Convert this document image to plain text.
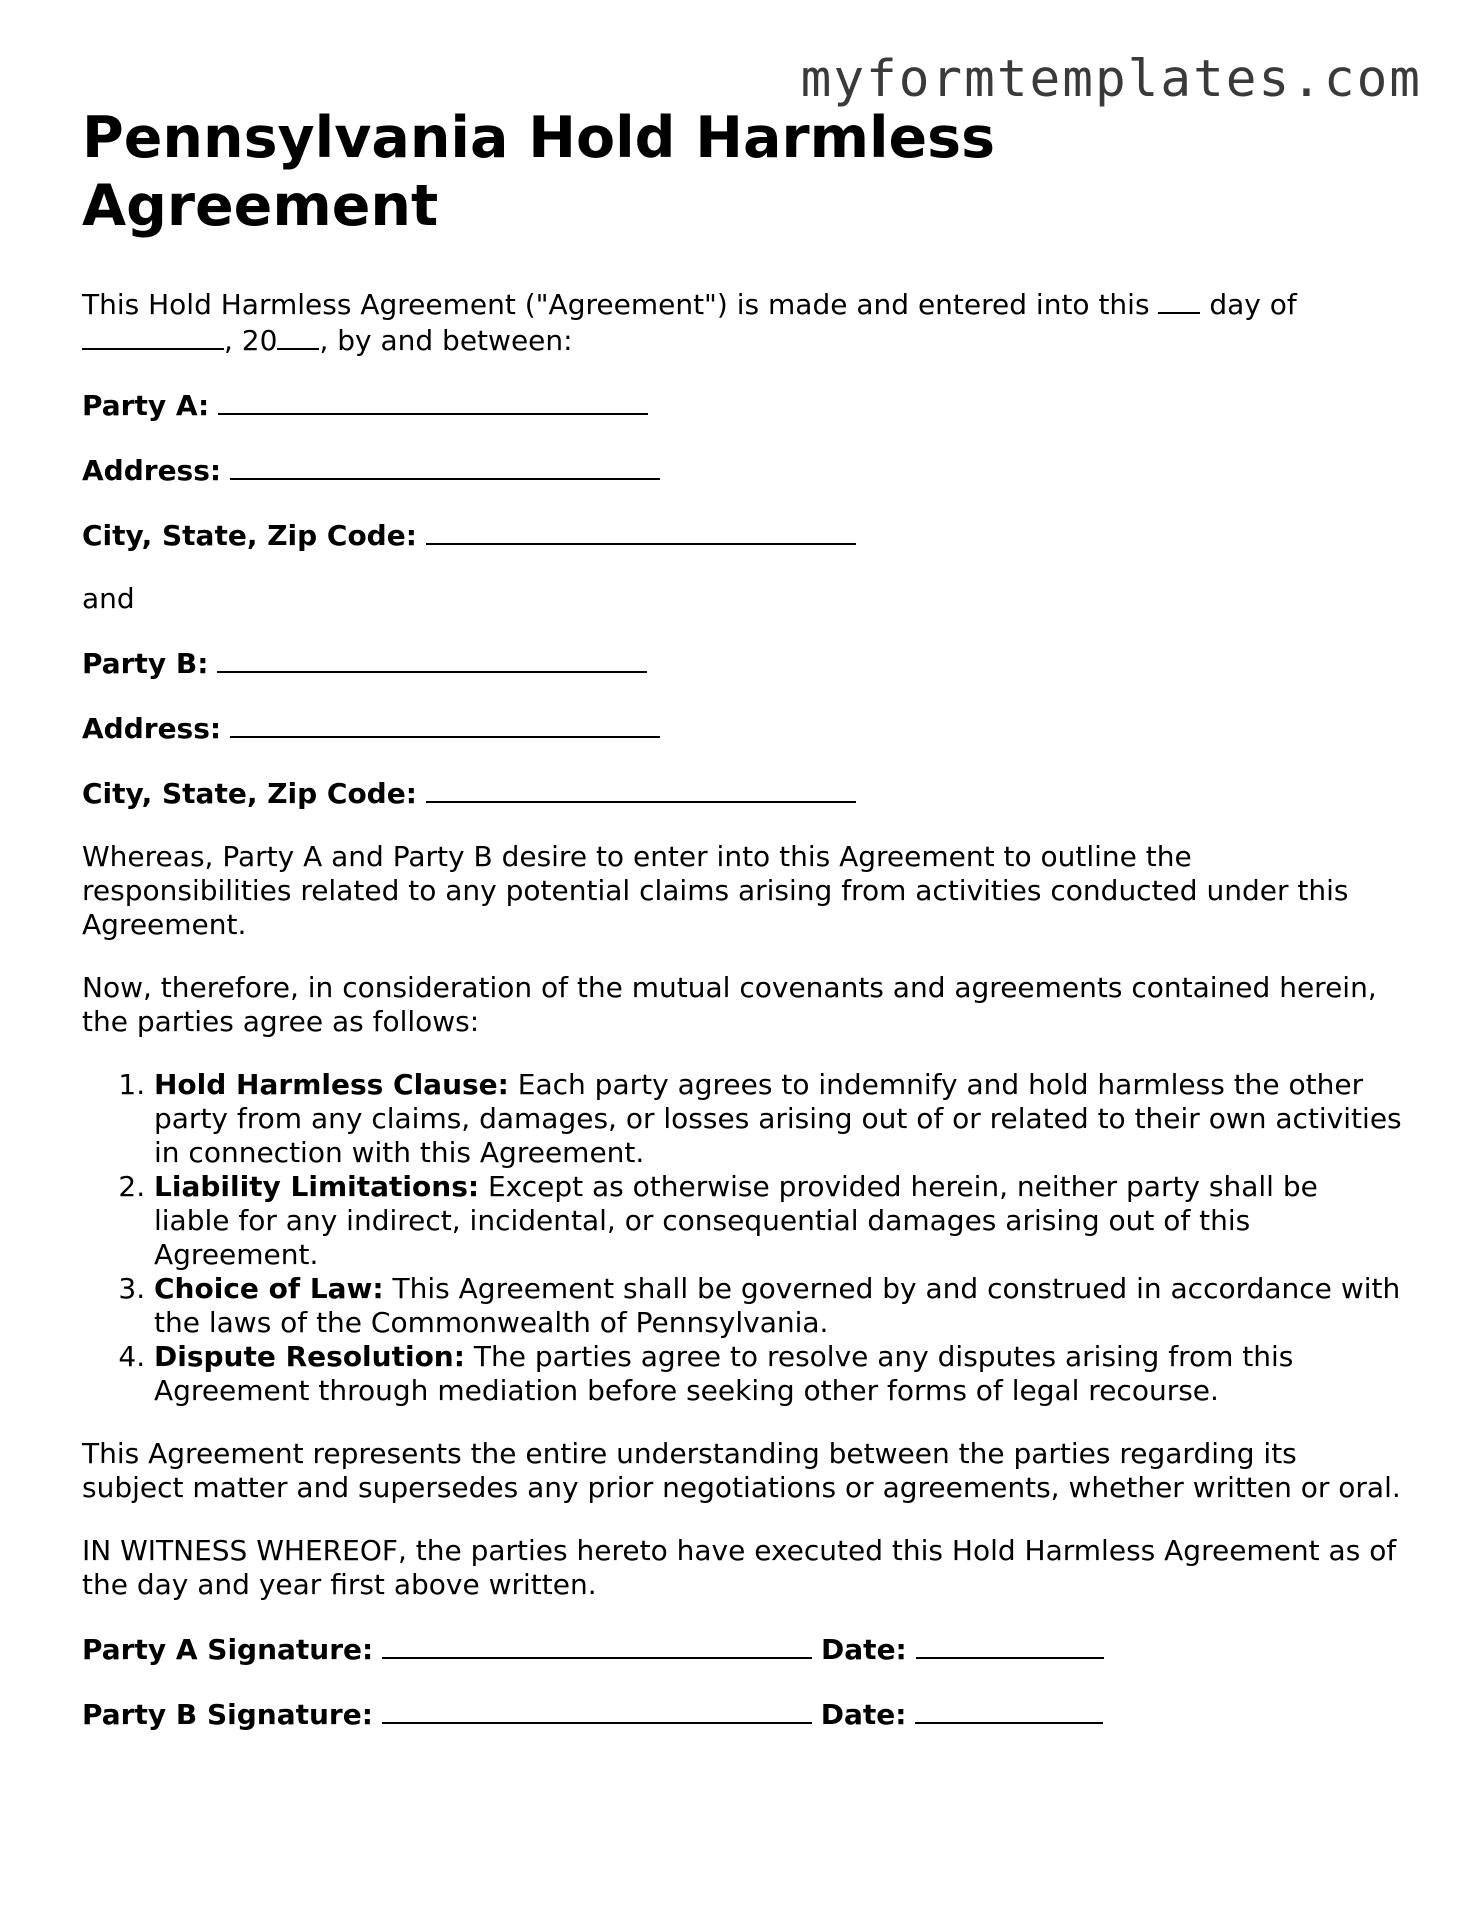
myformtemplates.com
Pennsylvania Hold Harmless Agreement

This Hold Harmless Agreement ("Agreement") is made and entered into this day of
, 20 , by and between:

Party A:

Address:

City, State, Zip Code:

and

Party B:

Address:

City, State, Zip Code:

Whereas, Party A and Party B desire to enter into this Agreement to outline the responsibilities related to any potential claims arising from activities conducted under this Agreement.

Now, therefore, in consideration of the mutual covenants and agreements contained herein, the parties agree as follows:

1. Hold Harmless Clause: Each party agrees to indemnify and hold harmless the other party from any claims, damages, or losses arising out of or related to their own activities in connection with this Agreement.
2. Liability Limitations: Except as otherwise provided herein, neither party shall be liable for any indirect, incidental, or consequential damages arising out of this Agreement.
3. Choice of Law: This Agreement shall be governed by and construed in accordance with the laws of the Commonwealth of Pennsylvania.
4. Dispute Resolution: The parties agree to resolve any disputes arising from this Agreement through mediation before seeking other forms of legal recourse.

This Agreement represents the entire understanding between the parties regarding its subject matter and supersedes any prior negotiations or agreements, whether written or oral.

IN WITNESS WHEREOF, the parties hereto have executed this Hold Harmless Agreement as of the day and year first above written.

Party A Signature:	Date:

Party B Signature:	Date:
